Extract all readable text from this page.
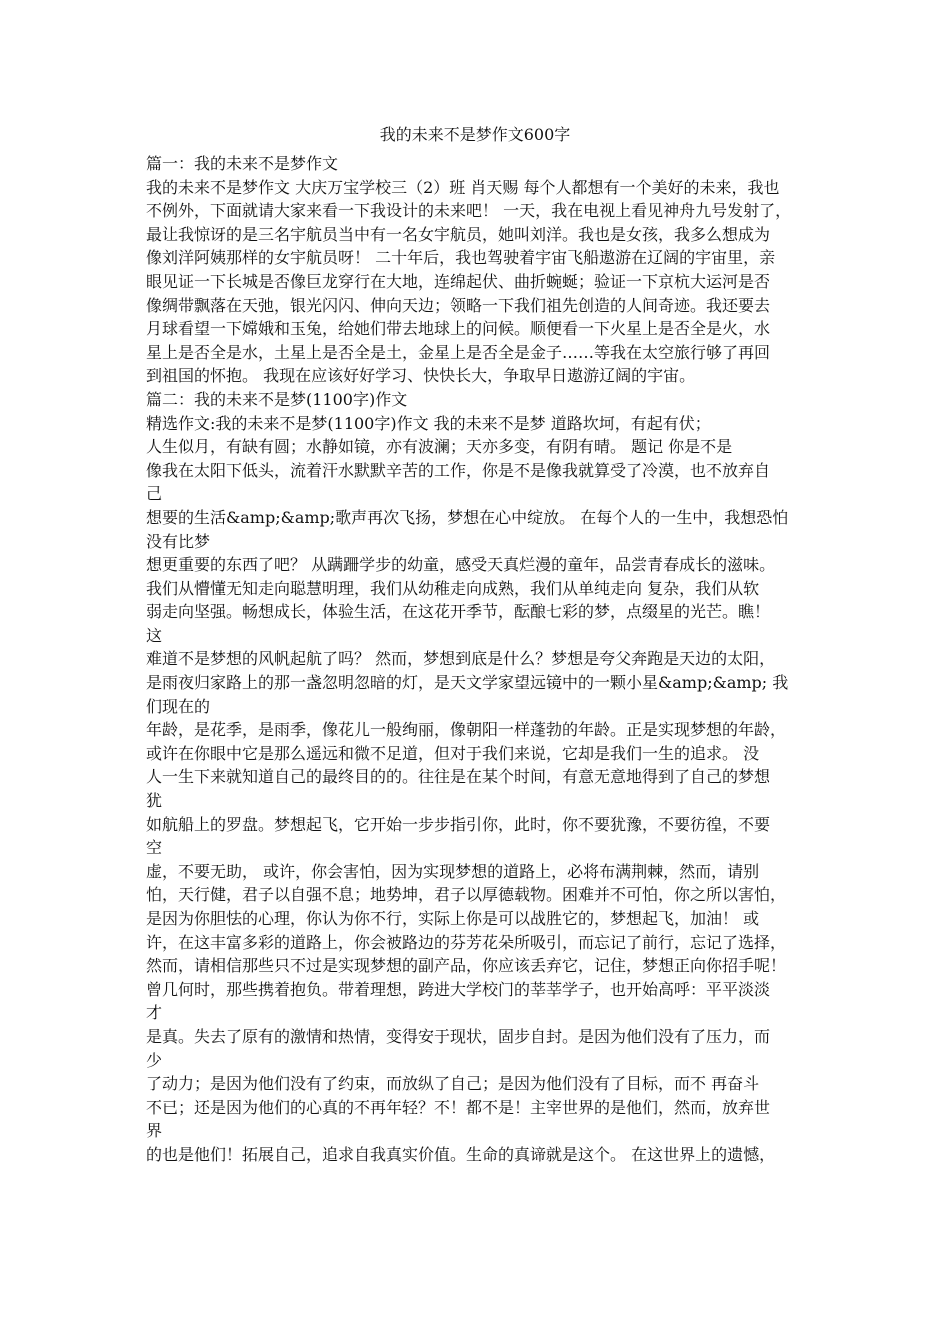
我的未来不是梦作文600字
篇一：我的未来不是梦作文
我的未来不是梦作文 大庆万宝学校三（2）班 肖天赐 每个人都想有一个美好的未来，我也
不例外，下面就请大家来看一下我设计的未来吧！ 一天，我在电视上看见神舟九号发射了，
最让我惊讶的是三名宇航员当中有一名女宇航员，她叫刘洋。我也是女孩，我多么想成为
像刘洋阿姨那样的女宇航员呀！ 二十年后，我也驾驶着宇宙飞船遨游在辽阔的宇宙里，亲
眼见证一下长城是否像巨龙穿行在大地，连绵起伏、曲折蜿蜒；验证一下京杭大运河是否
像绸带飘落在天弛，银光闪闪、伸向天边；领略一下我们祖先创造的人间奇迹。我还要去
月球看望一下嫦娥和玉兔，给她们带去地球上的问候。顺便看一下火星上是否全是火，水
星上是否全是水，土星上是否全是土，金星上是否全是金子……等我在太空旅行够了再回
到祖国的怀抱。 我现在应该好好学习、快快长大，争取早日遨游辽阔的宇宙。
篇二：我的未来不是梦(1100字)作文
精选作文:我的未来不是梦(1100字)作文 我的未来不是梦 道路坎坷，有起有伏；
人生似月，有缺有圆；水静如镜，亦有波澜；天亦多变，有阴有晴。 题记 你是不是
像我在太阳下低头，流着汗水默默辛苦的工作，你是不是像我就算受了冷漠，也不放弃自
己
想要的生活&amp;&amp;歌声再次飞扬，梦想在心中绽放。 在每个人的一生中，我想恐怕
没有比梦
想更重要的东西了吧？ 从蹒跚学步的幼童，感受天真烂漫的童年，品尝青春成长的滋味。
我们从懵懂无知走向聪慧明理，我们从幼稚走向成熟，我们从单纯走向 复杂，我们从软
弱走向坚强。畅想成长，体验生活，在这花开季节，酝酿七彩的梦，点缀星的光芒。瞧！
这
难道不是梦想的风帆起航了吗？ 然而，梦想到底是什么？梦想是夸父奔跑是天边的太阳，
是雨夜归家路上的那一盏忽明忽暗的灯，是天文学家望远镜中的一颗小星&amp;&amp; 我
们现在的
年龄，是花季，是雨季，像花儿一般绚丽，像朝阳一样蓬勃的年龄。正是实现梦想的年龄，
或许在你眼中它是那么遥远和微不足道，但对于我们来说，它却是我们一生的追求。 没
人一生下来就知道自己的最终目的的。往往是在某个时间，有意无意地得到了自己的梦想
犹
如航船上的罗盘。梦想起飞，它开始一步步指引你，此时，你不要犹豫，不要彷徨，不要
空
虚，不要无助， 或许，你会害怕，因为实现梦想的道路上，必将布满荆棘，然而，请别
怕，天行健，君子以自强不息；地势坤，君子以厚德载物。困难并不可怕，你之所以害怕，
是因为你胆怯的心理，你认为你不行，实际上你是可以战胜它的，梦想起飞，加油！ 或
许，在这丰富多彩的道路上，你会被路边的芬芳花朵所吸引，而忘记了前行，忘记了选择，
然而，请相信那些只不过是实现梦想的副产品，你应该丢弃它，记住，梦想正向你招手呢！
曾几何时，那些携着抱负。带着理想，跨进大学校门的莘莘学子，也开始高呼：平平淡淡
才
是真。失去了原有的激情和热情，变得安于现状，固步自封。是因为他们没有了压力，而
少
了动力；是因为他们没有了约束，而放纵了自己；是因为他们没有了目标，而不 再奋斗
不已；还是因为他们的心真的不再年轻？不！都不是！主宰世界的是他们，然而，放弃世
界
的也是他们！拓展自己，追求自我真实价值。生命的真谛就是这个。 在这世界上的遗憾，
